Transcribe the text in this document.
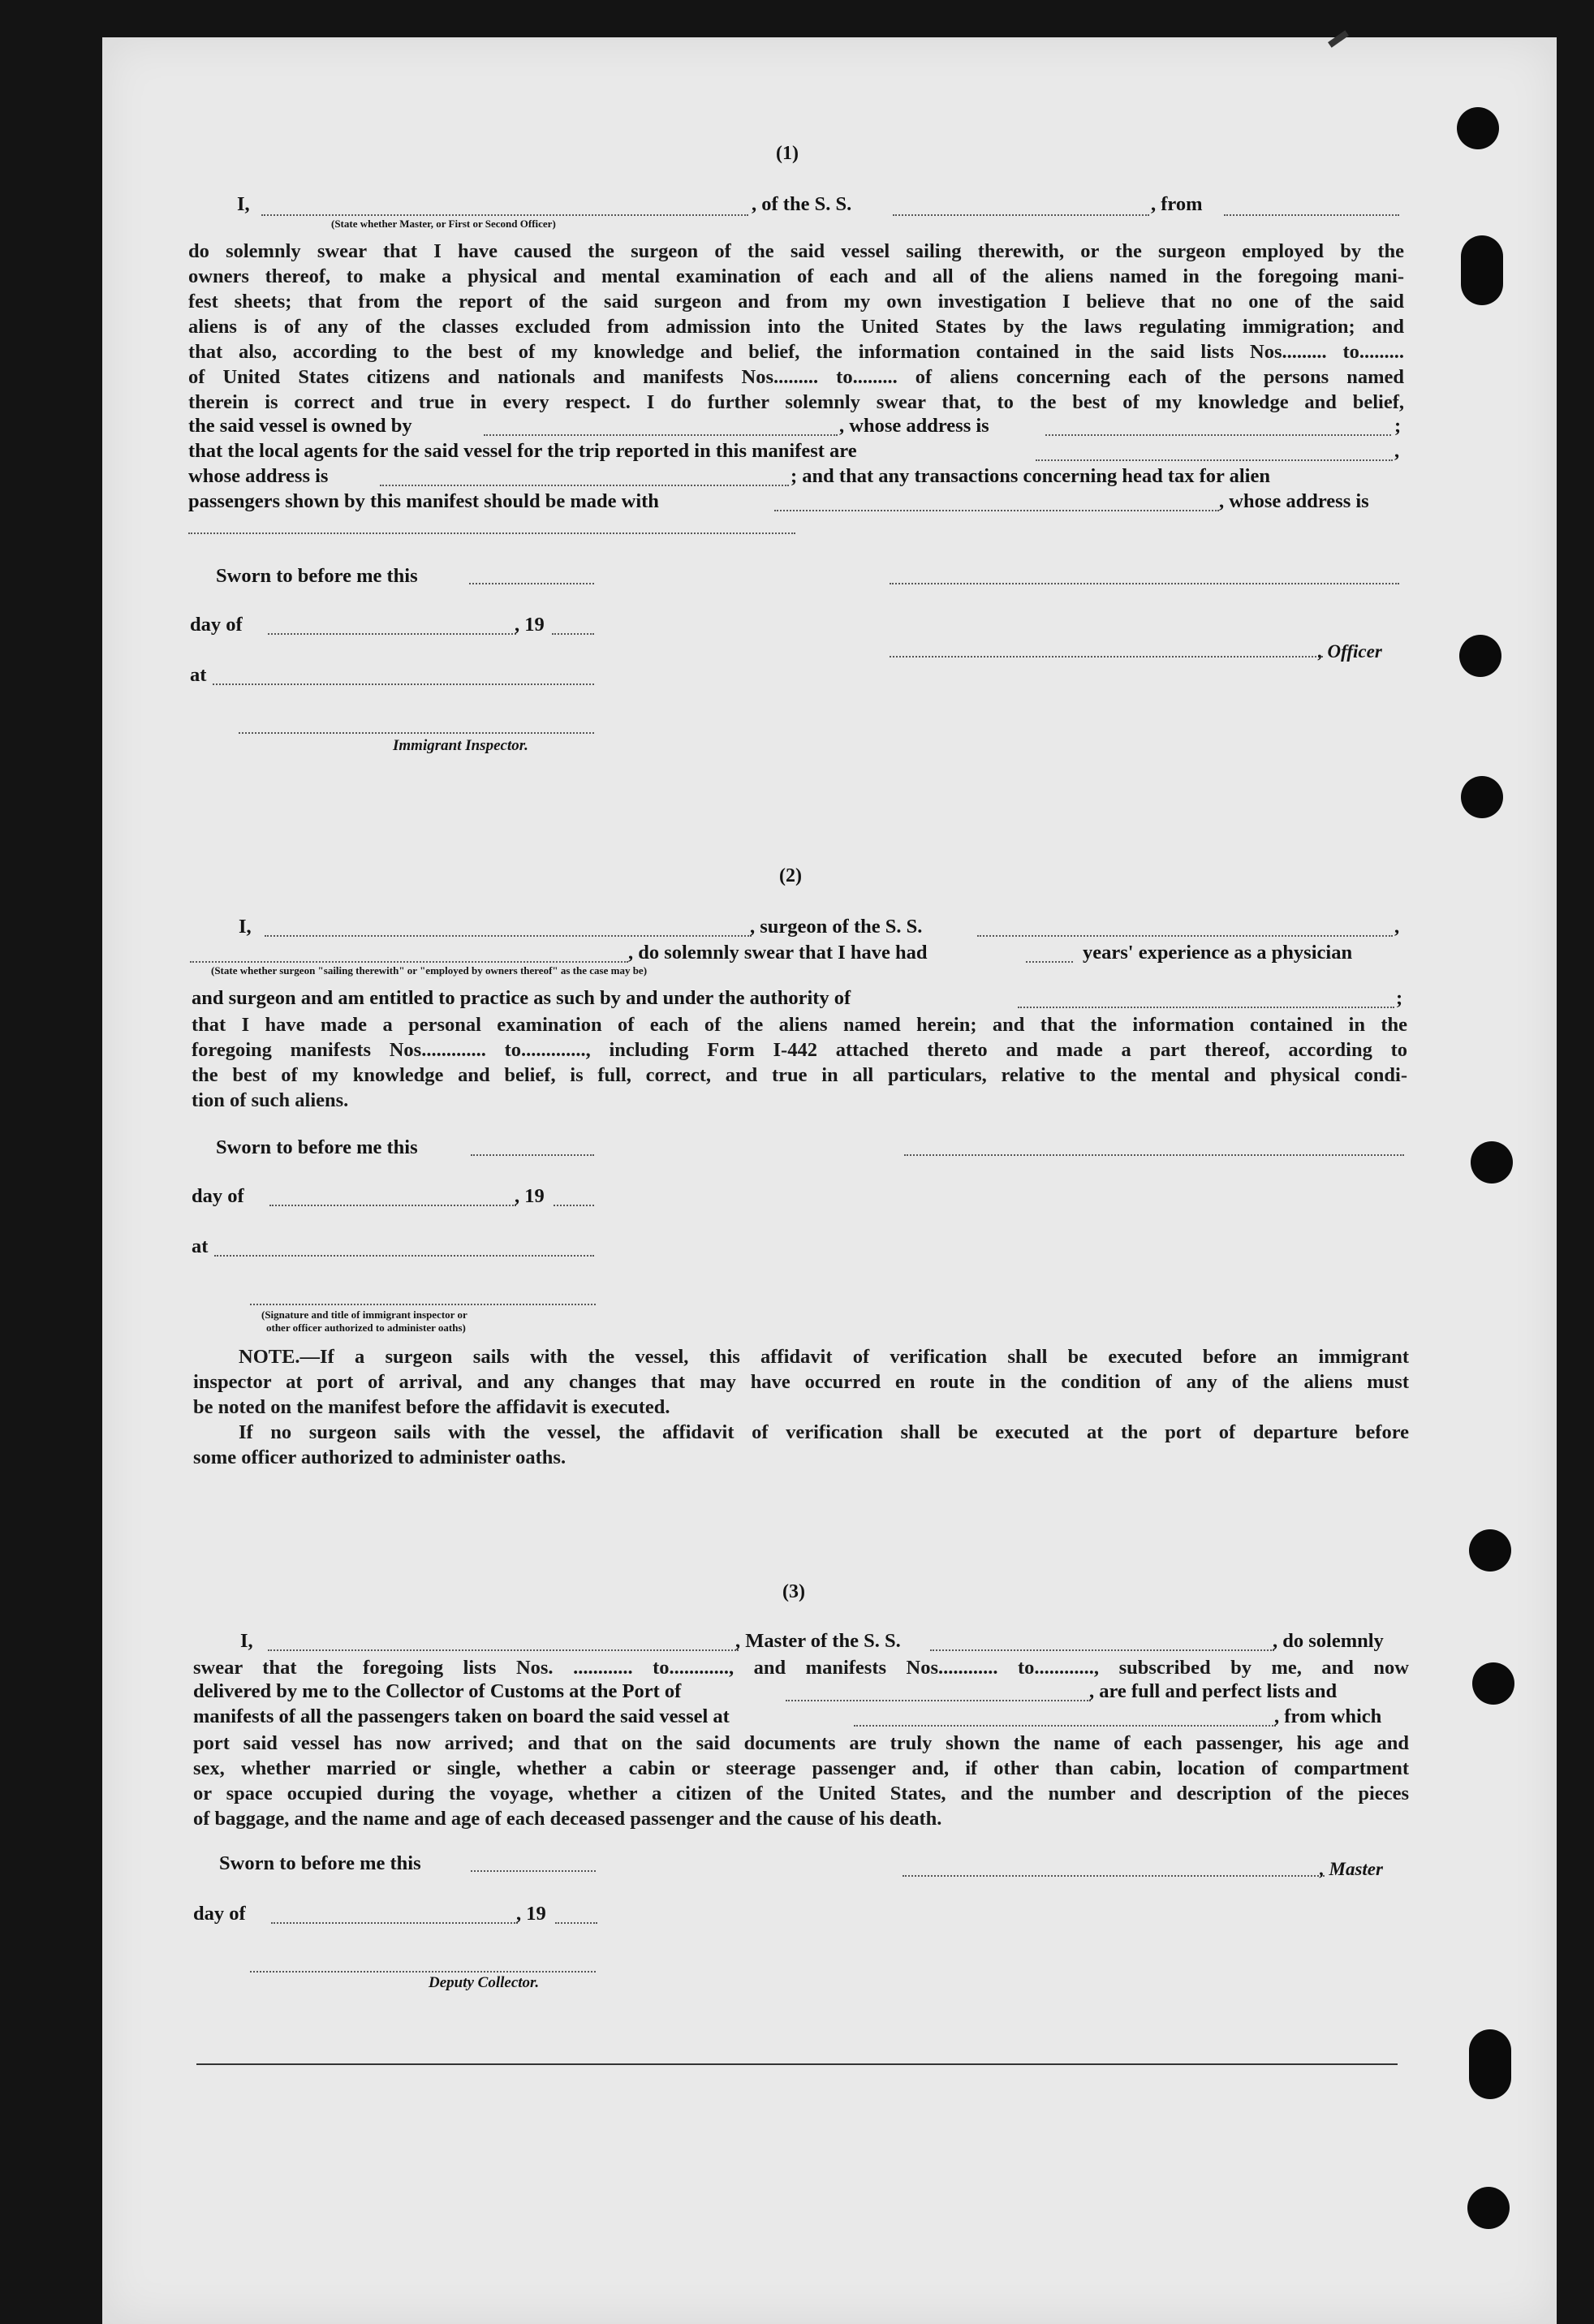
(1)
I,	, of the S. S.	, from
(State whether Master, or First or Second Officer)
do solemnly swear that I have caused the surgeon of the said vessel sailing therewith, or the surgeon employed by the
owners thereof, to make a physical and mental examination of each and all of the aliens named in the foregoing mani-
fest sheets; that from the report of the said surgeon and from my own investigation I believe that no one of the said
aliens is of any of the classes excluded from admission into the United States by the laws regulating immigration; and
that also, according to the best of my knowledge and belief, the information contained in the said lists Nos......... to.........
of United States citizens and nationals and manifests Nos......... to......... of aliens concerning each of the persons named
therein is correct and true in every respect. I do further solemnly swear that, to the best of my knowledge and belief,
the said vessel is owned by	, whose address is	;
that the local agents for the said vessel for the trip reported in this manifest are	,
whose address is	; and that any transactions concerning head tax for alien
passengers shown by this manifest should be made with	, whose address is
Sworn to before me this
day of	, 19
, Officer
at
Immigrant Inspector.
(2)
I,	, surgeon of the S. S.	,
, do solemnly swear that I have had	years' experience as a physician
(State whether surgeon "sailing therewith" or "employed by owners thereof" as the case may be)
and surgeon and am entitled to practice as such by and under the authority of	;
that I have made a personal examination of each of the aliens named herein; and that the information contained in the
foregoing manifests Nos............. to............., including Form I-442 attached thereto and made a part thereof, according to
the best of my knowledge and belief, is full, correct, and true in all particulars, relative to the mental and physical condi-
tion of such aliens.
Sworn to before me this
day of	, 19
at
(Signature and title of immigrant inspector or
other officer authorized to administer oaths)
NOTE.—If a surgeon sails with the vessel, this affidavit of verification shall be executed before an immigrant
inspector at port of arrival, and any changes that may have occurred en route in the condition of any of the aliens must
be noted on the manifest before the affidavit is executed.
If no surgeon sails with the vessel, the affidavit of verification shall be executed at the port of departure before
some officer authorized to administer oaths.
(3)
I,	, Master of the S. S.	, do solemnly
swear that the foregoing lists Nos. ............ to............, and manifests Nos............ to............, subscribed by me, and now
delivered by me to the Collector of Customs at the Port of	, are full and perfect lists and
manifests of all the passengers taken on board the said vessel at	, from which
port said vessel has now arrived; and that on the said documents are truly shown the name of each passenger, his age and
sex, whether married or single, whether a cabin or steerage passenger and, if other than cabin, location of compartment
or space occupied during the voyage, whether a citizen of the United States, and the number and description of the pieces
of baggage, and the name and age of each deceased passenger and the cause of his death.
Sworn to before me this	, Master
day of	, 19
Deputy Collector.
